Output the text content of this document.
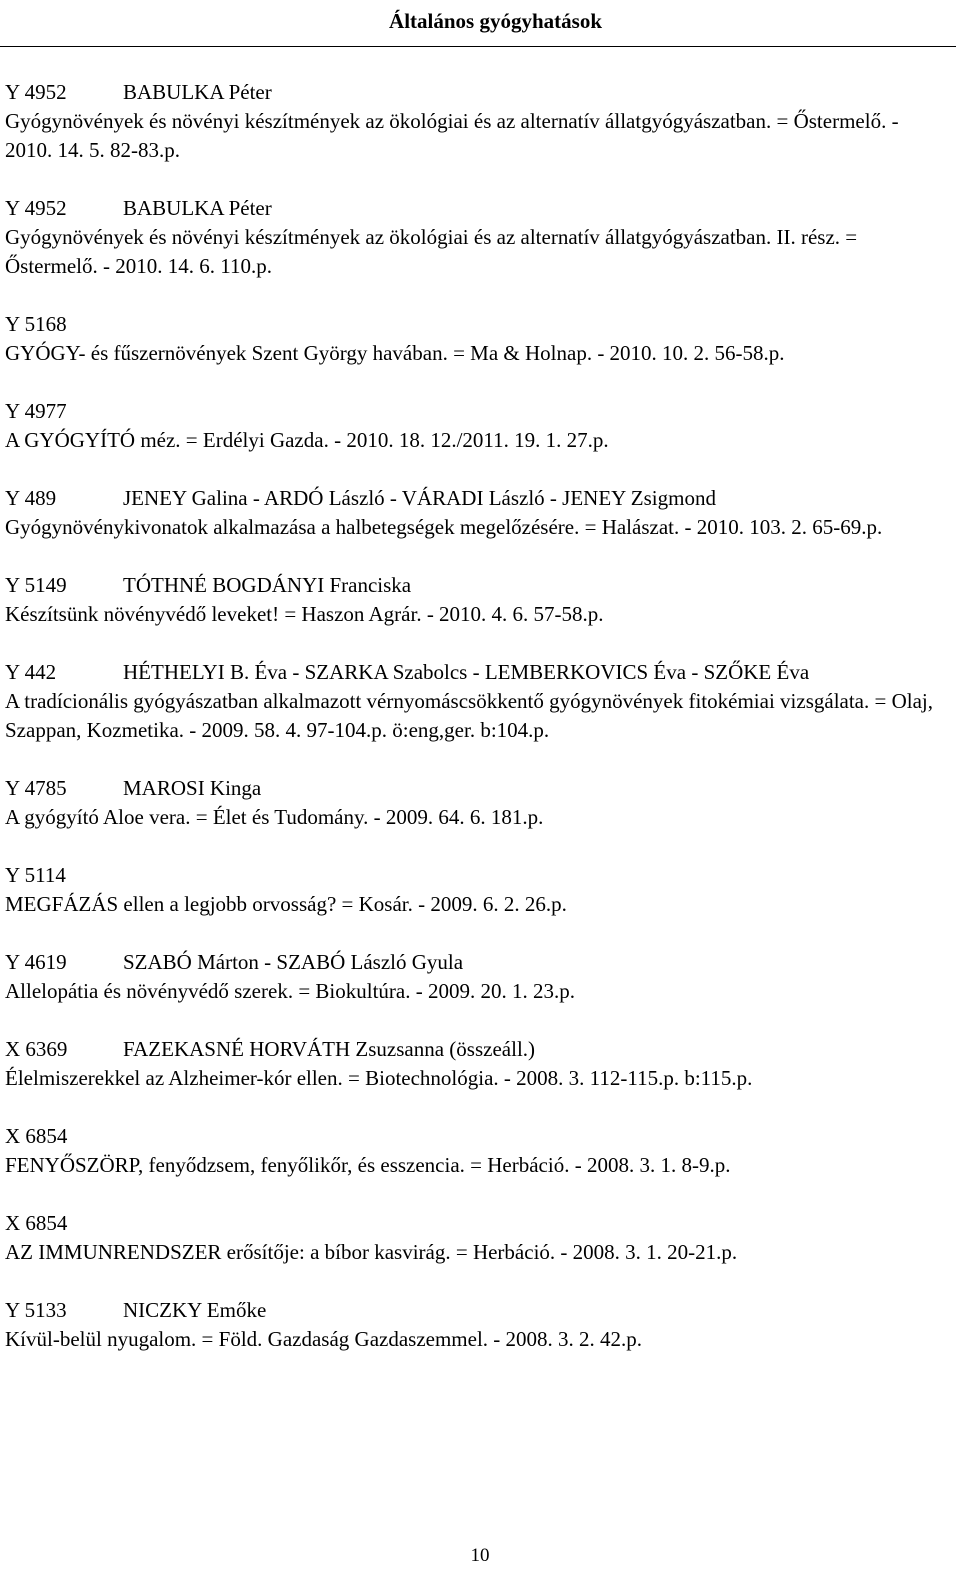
Általános gyógyhatások
Y 4952	BABULKA Péter
Gyógynövények és növényi készítmények az ökológiai és az alternatív állatgyógyászatban. = Őstermelő. - 2010. 14. 5. 82-83.p.
Y 4952	BABULKA Péter
Gyógynövények és növényi készítmények az ökológiai és az alternatív állatgyógyászatban. II. rész. = Őstermelő. - 2010. 14. 6. 110.p.
Y 5168
GYÓGY- és fűszernövények Szent György havában. = Ma & Holnap. - 2010. 10. 2. 56-58.p.
Y 4977
A GYÓGYÍTÓ méz. = Erdélyi Gazda. - 2010. 18. 12./2011. 19. 1. 27.p.
Y 489	JENEY Galina - ARDÓ László - VÁRADI László - JENEY Zsigmond
Gyógynövénykivonatok alkalmazása a halbetegségek megelőzésére. = Halászat. - 2010. 103. 2. 65-69.p.
Y 5149	TÓTHNÉ BOGDÁNYI Franciska
Készítsünk növényvédő leveket! = Haszon Agrár. - 2010. 4. 6. 57-58.p.
Y 442	HÉTHELYI B. Éva - SZARKA Szabolcs - LEMBERKOVICS Éva - SZŐKE Éva
A tradícionális gyógyászatban alkalmazott vérnyomáscsökkentő gyógynövények fitokémiai vizsgálata. = Olaj, Szappan, Kozmetika. - 2009. 58. 4. 97-104.p. ö:eng,ger. b:104.p.
Y 4785	MAROSI Kinga
A gyógyító Aloe vera. = Élet és Tudomány. - 2009. 64. 6. 181.p.
Y 5114
MEGFÁZÁS ellen a legjobb orvosság? = Kosár. - 2009. 6. 2. 26.p.
Y 4619	SZABÓ Márton - SZABÓ László Gyula
Allelopátia és növényvédő szerek. = Biokultúra. - 2009. 20. 1. 23.p.
X 6369	FAZEKASNÉ HORVÁTH Zsuzsanna (összeáll.)
Élelmiszerekkel az Alzheimer-kór ellen. = Biotechnológia. - 2008. 3. 112-115.p. b:115.p.
X 6854
FENYŐSZÖRP, fenyődzsem, fenyőlikőr, és esszencia. = Herbáció. - 2008. 3. 1. 8-9.p.
X 6854
AZ IMMUNRENDSZER erősítője: a bíbor kasvirág. = Herbáció. - 2008. 3. 1. 20-21.p.
Y 5133	NICZKY Emőke
Kívül-belül nyugalom. = Föld. Gazdaság Gazdaszemmel. - 2008. 3. 2. 42.p.
10
